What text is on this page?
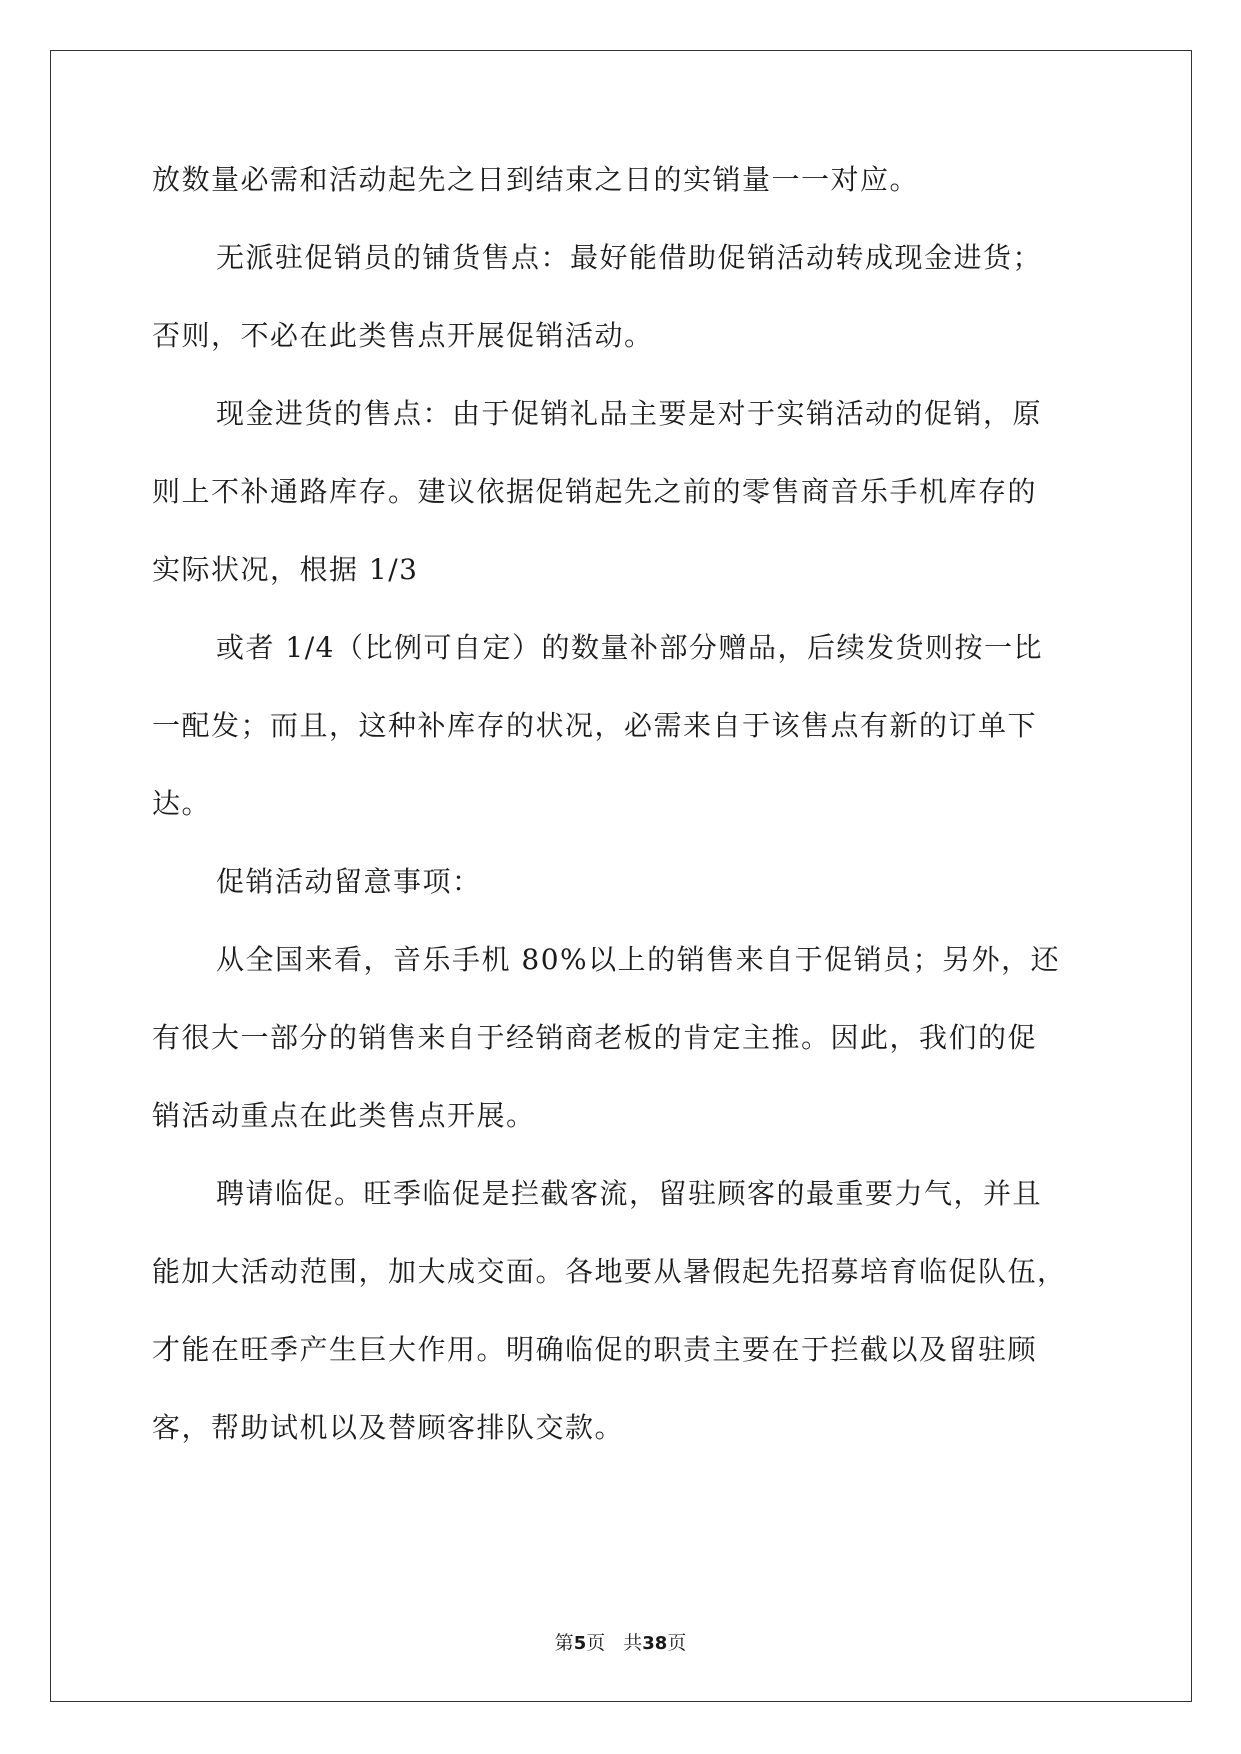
放数量必需和活动起先之日到结束之日的实销量一一对应。
无派驻促销员的铺货售点：最好能借助促销活动转成现金进货；
否则，不必在此类售点开展促销活动。
现金进货的售点：由于促销礼品主要是对于实销活动的促销，原
则上不补通路库存。建议依据促销起先之前的零售商音乐手机库存的
实际状况，根据 1/3
或者 1/4（比例可自定）的数量补部分赠品，后续发货则按一比
一配发；而且，这种补库存的状况，必需来自于该售点有新的订单下
达。
促销活动留意事项：
从全国来看，音乐手机 80%以上的销售来自于促销员；另外，还
有很大一部分的销售来自于经销商老板的肯定主推。因此，我们的促
销活动重点在此类售点开展。
聘请临促。旺季临促是拦截客流，留驻顾客的最重要力气，并且
能加大活动范围，加大成交面。各地要从暑假起先招募培育临促队伍，
才能在旺季产生巨大作用。明确临促的职责主要在于拦截以及留驻顾
客，帮助试机以及替顾客排队交款。
第5页 共38页
